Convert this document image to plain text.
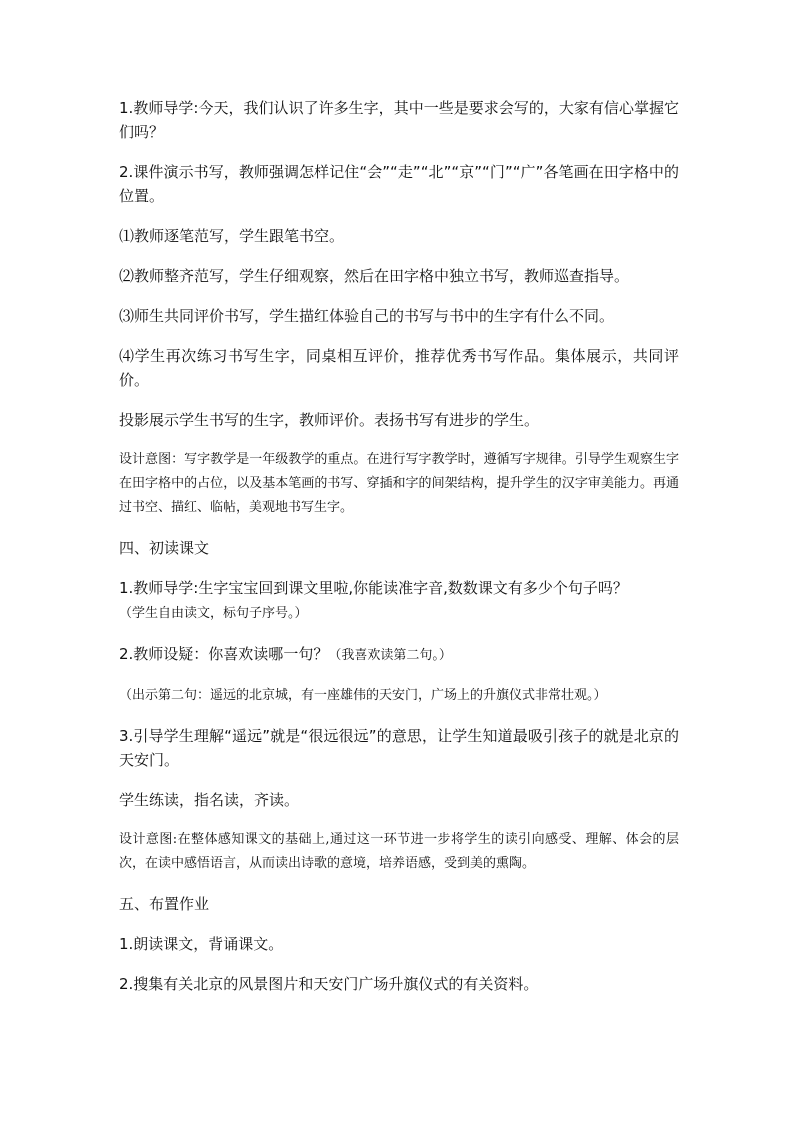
1.教师导学:今天，我们认识了许多生字，其中一些是要求会写的，大家有信心掌握它们吗？

2.课件演示书写，教师强调怎样记住“会”“走”“北”“京”“门”“广”各笔画在田字格中的位置。

⑴教师逐笔范写，学生跟笔书空。

⑵教师整齐范写，学生仔细观察，然后在田字格中独立书写，教师巡查指导。

⑶师生共同评价书写，学生描红体验自己的书写与书中的生字有什么不同。

⑷学生再次练习书写生字，同桌相互评价，推荐优秀书写作品。集体展示，共同评价。

投影展示学生书写的生字，教师评价。表扬书写有进步的学生。

设计意图：写字教学是一年级教学的重点。在进行写字教学时，遵循写字规律。引导学生观察生字在田字格中的占位，以及基本笔画的书写、穿插和字的间架结构，提升学生的汉字审美能力。再通过书空、描红、临帖，美观地书写生字。

四、初读课文

1.教师导学:生字宝宝回到课文里啦,你能读准字音,数数课文有多少个句子吗？
（学生自由读文，标句子序号。）

2.教师设疑：你喜欢读哪一句？（我喜欢读第二句。）

（出示第二句：遥远的北京城，有一座雄伟的天安门，广场上的升旗仪式非常壮观。）

3.引导学生理解“遥远”就是“很远很远”的意思，让学生知道最吸引孩子的就是北京的天安门。

学生练读，指名读，齐读。

设计意图:在整体感知课文的基础上,通过这一环节进一步将学生的读引向感受、理解、体会的层次，在读中感悟语言，从而读出诗歌的意境，培养语感，受到美的熏陶。

五、布置作业

1.朗读课文，背诵课文。

2.搜集有关北京的风景图片和天安门广场升旗仪式的有关资料。
